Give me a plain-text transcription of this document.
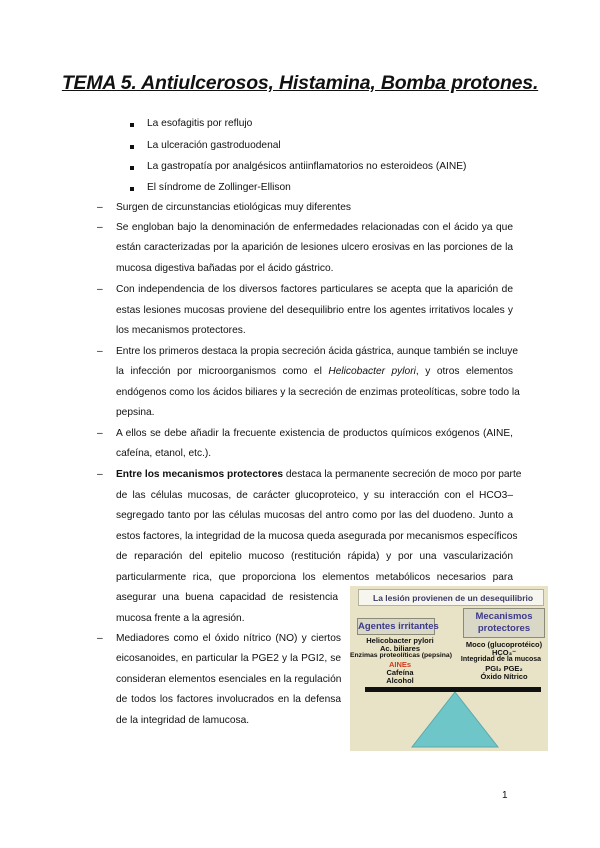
TEMA 5. Antiulcerosos, Histamina, Bomba protones.
La esofagitis por reflujo
La ulceración gastroduodenal
La gastropatía por analgésicos antiinflamatorios no esteroideos (AINE)
El síndrome de Zollinger-Ellison
– Surgen de circunstancias etiológicas muy diferentes
– Se engloban bajo la denominación de enfermedades relacionadas con el ácido ya que
están caracterizadas por la aparición de lesiones ulcero erosivas en las porciones de la
mucosa digestiva bañadas por el ácido gástrico.
– Con independencia de los diversos factores particulares se acepta que la aparición de
estas lesiones mucosas proviene del desequilibrio entre los agentes irritativos locales y
los mecanismos protectores.
– Entre los primeros destaca la propia secreción ácida gástrica, aunque también se incluye
la infección por microorganismos como el Helicobacter pylori, y otros elementos
endógenos como los ácidos biliares y la secreción de enzimas proteolíticas, sobre todo la
pepsina.
– A ellos se debe añadir la frecuente existencia de productos químicos exógenos (AINE,
cafeína, etanol, etc.).
– Entre los mecanismos protectores destaca la permanente secreción de moco por parte
de las células mucosas, de carácter glucoproteico, y su interacción con el HCO3–
segregado tanto por las células mucosas del antro como por las del duodeno. Junto a
estos factores, la integridad de la mucosa queda asegurada por mecanismos específicos
de reparación del epitelio mucoso (restitución rápida) y por una vascularización
particularmente rica, que proporciona los elementos metabólicos necesarios para
asegurar una buena capacidad de resistencia
mucosa frente a la agresión.
– Mediadores como el óxido nítrico (NO) y ciertos
eicosanoides, en particular la PGE2 y la PGI2, se
consideran elementos esenciales en la regulación
de todos los factores involucrados en la defensa
de la integridad de lamucosa.
La lesión provienen de un desequilibrio
Agentes irritantes
Mecanismos
protectores
Helicobacter pylori
Ac. biliares
Enzimas proteolíticas (pepsina)
AINEs
Cafeína
Alcohol
Moco (glucoprotéico)
HCO₃⁻
Integridad de la mucosa
PGI₂ PGE₂
Óxido Nítrico
1
